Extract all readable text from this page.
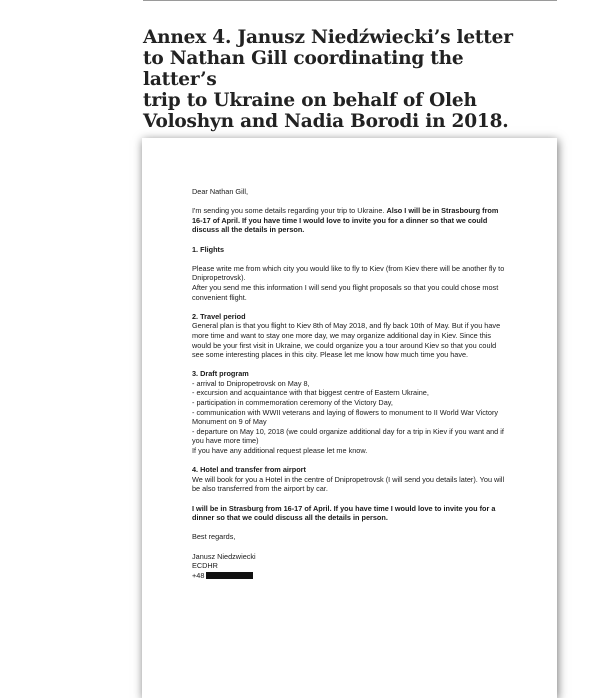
Annex 4. Janusz Niedźwiecki’s letter
to Nathan Gill coordinating the latter’s
trip to Ukraine on behalf of Oleh
Voloshyn and Nadia Borodi in 2018.

Dear Nathan Gill,

I'm sending you some details regarding your trip to Ukraine. Also I will be in Strasbourg from 16-17 of April. If you have time I would love to invite you for a dinner so that we could discuss all the details in person.

1. Flights

Please write me from which city you would like to fly to Kiev (from Kiev there will be another fly to Dnipropetrovsk).

After you send me this information I will send you flight proposals so that you could chose most convenient flight.

2. Travel period

General plan is that you flight to Kiev 8th of May 2018, and fly back 10th of May. But if you have more time and want to stay one more day, we may organize additional day in Kiev. Since this would be your first visit in Ukraine, we could organize you a tour around Kiev so that you could see some interesting places in this city. Please let me know how much time you have.

3. Draft program

- arrival to Dnipropetrovsk on May 8,

- excursion and acquaintance with that biggest centre of Eastern Ukraine,

- participation in commemoration ceremony of the Victory Day,

- communication with WWII veterans and laying of flowers to monument to II World War Victory Monument on 9 of May

- departure on May 10, 2018 (we could organize additional day for a trip in Kiev if you want and if you have more time)

If you have any additional request please let me know.

4. Hotel and transfer from airport

We will book for you a Hotel in the centre of Dnipropetrovsk (I will send you details later). You will be also transferred from the airport by car.

I will be in Strasburg from 16-17 of April. If you have time I would love to invite you for a dinner so that we could discuss all the details in person.

Best regards,

Janusz Niedzwiecki

ECDHR

+48
